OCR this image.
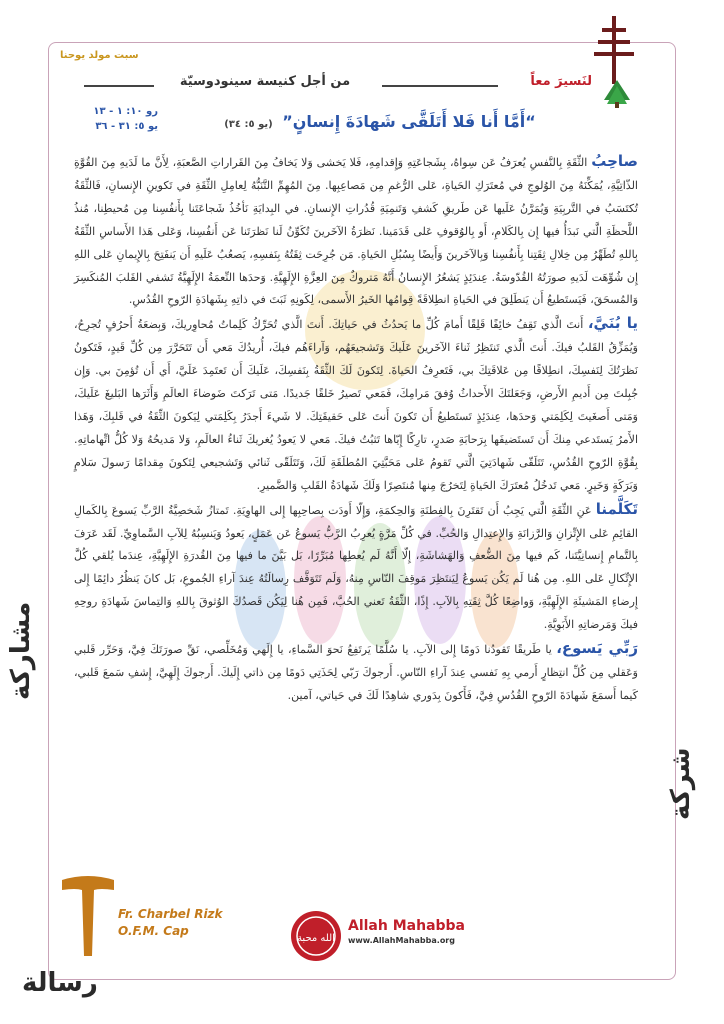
سبت مولد يوحنا
لنَسيرَ معاً
من أجل كنيسة سينودوسيّة
رو ١٠: ١ - ١٣
يو ٥: ٣١ - ٣٦	“أَمَّا أَنا فَلا أَتَلَقَّى شَهادَةَ إِنسانٍ” (يو ٥: ٣٤)
شركة
مشاركة
رسالة

صاحِبُ الثِّقَةِ بِالنَّفسِ يُعرَفُ عَن سِواهُ، بِشَجاعَتِهِ وَإِقدامِهِ، فَلا يَخشى وَلا يَخافُ مِنَ القَراراتِ الصَّعبَةِ، لِأَنَّ ما لَدَيهِ مِنَ القُوَّةِ الذّاتِيَّةِ، يُمَكِّنَهُ مِنَ الوُلوجِ في مُعتَرَكِ الحَياةِ، عَلى الرُّغمِ مِن مَصاعِبِها. مِنَ المُهِمِّ التَّنَبُّهُ لِعامِلِ الثِّقَةِ في تَكوينِ الإِنسانِ، فَالثِّقَةُ تُكتَسَبُ في التَّربِيَةِ وَيُمَرَّنُ عَلَيها عَن طَريقِ كَشفِ وَتَنمِيَةِ قُدُراتِ الإِنسانِ. في البِدايَةِ نَأخُذُ شَجاعَتَنا بِأَنفُسِنا مِن مُحيطِنا، مُنذُ اللَّحظَةِ الَّتي نَبدَأُ فيها إِن بِالكَلامِ، أَو بِالوُقوفِ عَلى قَدَمَينا. نَظرَةُ الآخَرينَ تُكَوِّنُ لَنا نَظرَتَنا عَن أَنفُسِنا، وَعَلى هَذا الأَساسِ الثِّقَةُ بِاللهِ تُطَهِّرُ مِن خِلالِ ثِقَتِنا بِأَنفُسِنا وَبِالآخَرينَ وَأَيضًا بِسُبُلِ الحَياةِ. مَن جُرِحَت ثِقَتُهُ بِنَفسِهِ، يَصعُبُ عَلَيهِ أَن يَنفَتِحَ بِالإِيمانِ عَلى اللهِ إِن شُوِّهَت لَدَيهِ صورَتُهُ القُدّوسَةُ. عِندَئِذٍ يَشعُرُ الإِنسانُ أَنَّهُ مَتروكٌ مِنَ العِزَّةِ الإِلَهِيَّةِ. وَحدَها النِّعمَةُ الإِلَهِيَّةُ تَشفي القَلبَ المُنكَسِرَ وَالمُسحَقَ، فَيَستَطيعُ أَن يَنطَلِقَ في الحَياةِ انطِلاقَةً قِوامُها الخَيرُ الأَسمى، لِكَونِهِ ثَبَتَ في ذاتِهِ بِشَهادَةِ الرّوحِ القُدُسِ.

يا بُنَيَّ، أَنتَ الَّذي تَقِفُ خائِفًا قَلِقًا أَمامَ كُلِّ ما يَحدُثُ في حَياتِكَ. أَنتَ الَّذي تُحَرِّكُ كَلِماتُ مُحاوِريكَ، وَبِضعَةُ أَحرُفٍ تُجرِحُ، وَيُمَزِّقُ القَلبُ فيكَ. أَنتَ الَّذي تَنتَظِرُ ثَناءَ الآخَرينَ عَلَيكَ وَتَشجيعَهُم، وَآراءَهُم فيكَ، أُريدُكَ مَعي أَن تَتَحَرَّرَ مِن كُلِّ قَيدٍ، فَتَكونُ نَظرَتُكَ لِنَفسِكَ، انطِلاقًا مِن عَلاقَتِكَ بي، فَتَعرِفُ الحَياةَ. لِتَكونَ لَكَ الثِّقَةُ بِنَفسِكَ، عَلَيكَ أَن تَعتَمِدَ عَلَيَّ، أَي أَن تُؤمِنَ بي. وَإِن جُبِلتَ مِن أَديمِ الأَرضِ، وَجَعَلتَكَ الأَحداثُ وُفقَ مَرامِكَ، فَمَعي تَصيرُ خَلقًا جَديدًا. مَتى تَرَكتَ ضَوضاءَ العالَمِ وَأَثَرَها البَليغَ عَلَيكَ، وَمَتى أَصغَيتَ لِكَلِمَتي وَحدَها، عِندَئِذٍ تَستَطيعُ أَن تَكونَ أَنتَ عَلى حَقيقَتِكَ. لا شَيءَ أَجدَرُ بِكَلِمَتي لِيَكونَ الثِّقَةُ في قَلبِكَ، وَهَذا الأَمرُ يَستَدعي مِنكَ أَن تَستَضيفَها بِرَحابَةِ صَدرٍ، تارِكًا إِيّاها تَثبُتُ فيكَ. مَعي لا يَعودُ يُغريكَ ثَناءُ العالَمِ، وَلا مَديحُهُ وَلا كُلُّ اتِّهاماتِهِ. بِقُوَّةِ الرّوحِ القُدُسِ، تَتَلَقّى شَهادَتِيَ الَّتي تَقومُ عَلى مَحَبَّتِيَ المُطلَقَةِ لَكَ، وَتَتَلَقّى ثَنائي وَتَشجيعي لِتَكونَ مِقدامًا رَسولَ سَلامٍ وَبَرَكَةٍ وَخَيرٍ. مَعي تَدخُلُ مُعتَرَكَ الحَياةِ لِتَخرُجَ مِنها مُنتَصِرًا وَلَكَ شَهادَةُ القَلبِ وَالضَّميرِ.

تَكَلَّمنا عَنِ الثِّقَةِ الَّتي يَجِبُ أَن تَقتَرِنَ بِالفِطنَةِ وَالحِكمَةِ، وَإِلّا أَودَت بِصاحِبِها إِلى الهاوِيَةِ. تَمتازُ شَخصِيَّةُ الرَّبِّ يَسوعَ بِالكَمالِ القائِمِ عَلى الإِتِّزانِ وَالرَّزانَةِ وَالإِعتِدالِ وَالحُبِّ. في كُلِّ مَرَّةٍ يُعرِبُ الرَّبُّ يَسوعُ عَن عَمَلٍ، يَعودُ وَيَنسِبُهُ لِلآبِ السَّماوِيِّ. لَقَد عَرَفَ بِالتَّمامِ إِنسانِيَّتَنا، كَم فيها مِنَ الضُّعفِ وَالهَشاشَةِ، إِلّا أَنَّهُ لَم يُعطِها مُبَرِّرًا، بَل بَيَّنَ ما فيها مِنَ القُدرَةِ الإِلَهِيَّةِ، عِندَما يُلقي كُلَّ الإِتِّكالِ عَلى اللهِ. مِن هُنا لَم يَكُن يَسوعُ لِيَنتَظِرَ مَوقِفَ النّاسِ مِنهُ، وَلَم تَتَوَقَّف رِسالَتُهُ عِندَ آراءِ الجُموعِ، بَل كانَ يَنظُرُ دائِمًا إِلى إِرضاءِ المَشيئَةِ الإِلَهِيَّةِ، وَواضِعًا كُلَّ ثِقَتِهِ بِالآبِ. إِذًا، الثِّقَةُ تَعني الحُبَّ، فَمِن هُنا لِيَكُن قَصدُكَ الوُثوقَ بِاللهِ وَالتِماسَ شَهادَةِ روحِهِ فيكَ وَمَرضاتِهِ الأَبَوِيَّةِ.

رَبِّي يَسوع، يا طَريقًا تَقودُنا دَومًا إِلى الآبِ. يا سُلَّمًا يَرتَفِعُ نَحوَ السَّماءِ، يا إِلَهي وَمُخَلِّصي، نَقِّ صورَتَكَ فِيَّ، وَحَرِّر قَلبي وَعَقلي مِن كُلِّ انتِظارٍ أَرمي بِهِ نَفسي عِندَ آراءِ النّاسِ. أَرجوكَ رَبّي لِحَذَتِي دَومًا مِن ذاتي إِلَيكَ. أَرجوكَ إِلَهِيَّ، إِشفِ سَمعَ قَلبي، كَيما أَسمَعَ شَهادَةَ الرّوحِ القُدُسِ فِيَّ، فَأَكونَ بِدَوري شاهِدًا لَكَ في حَياتي، آمين.

Fr. Charbel Rizk
O.F.M. Cap
الله محبة
Allah Mahabba
www.AllahMahabba.org
